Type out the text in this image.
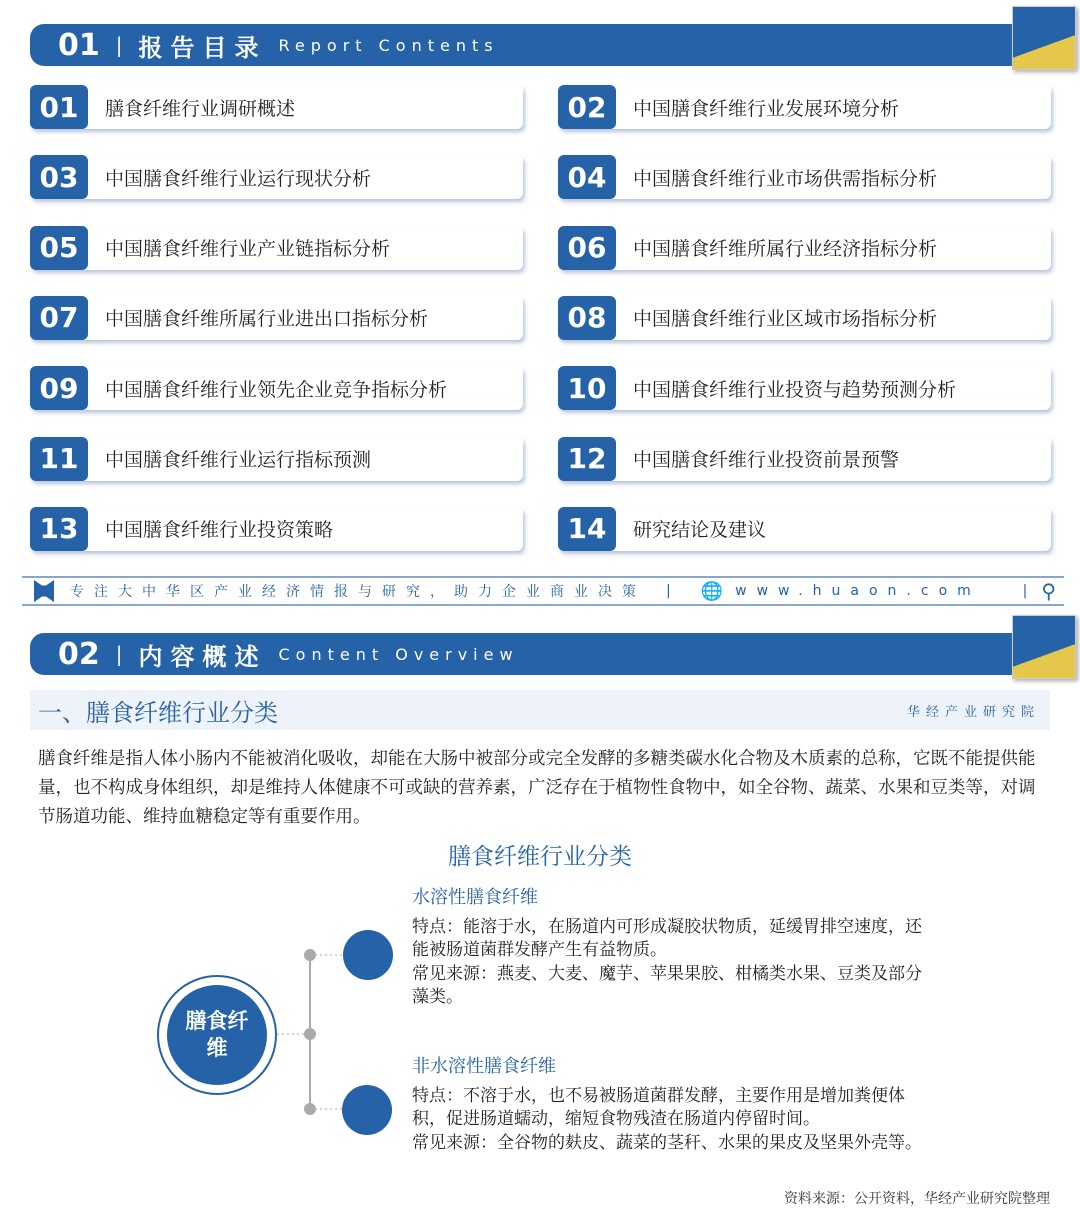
01 | 报告目录 Report Contents
01	膳食纤维行业调研概述	02	中国膳食纤维行业发展环境分析
03	中国膳食纤维行业运行现状分析	04	中国膳食纤维行业市场供需指标分析
05	中国膳食纤维行业产业链指标分析	06	中国膳食纤维所属行业经济指标分析
07	中国膳食纤维所属行业进出口指标分析	08	中国膳食纤维行业区域市场指标分析
09	中国膳食纤维行业领先企业竞争指标分析	10	中国膳食纤维行业投资与趋势预测分析
11	中国膳食纤维行业运行指标预测	12	中国膳食纤维行业投资前景预警
13	中国膳食纤维行业投资策略	14	研究结论及建议
专注大中华区产业经济情报与研究，助力企业商业决策 | 🌐 www.huaon.com	| ⚲
02 | 内容概述 Content Overview
一、膳食纤维行业分类	华经产业研究院
膳食纤维是指人体小肠内不能被消化吸收，却能在大肠中被部分或完全发酵的多糖类碳水化合物及木质素的总称，它既不能提供能量，也不构成身体组织，却是维持人体健康不可或缺的营养素，广泛存在于植物性食物中，如全谷物、蔬菜、水果和豆类等，对调节肠道功能、维持血糖稳定等有重要作用。
膳食纤维行业分类
膳食纤维
水溶性膳食纤维
特点：能溶于水，在肠道内可形成凝胶状物质，延缓胃排空速度，还能被肠道菌群发酵产生有益物质。
常见来源：燕麦、大麦、魔芋、苹果果胶、柑橘类水果、豆类及部分藻类。
非水溶性膳食纤维
特点：不溶于水，也不易被肠道菌群发酵，主要作用是增加粪便体积，促进肠道蠕动，缩短食物残渣在肠道内停留时间。
常见来源：全谷物的麸皮、蔬菜的茎秆、水果的果皮及坚果外壳等。
资料来源：公开资料，华经产业研究院整理
